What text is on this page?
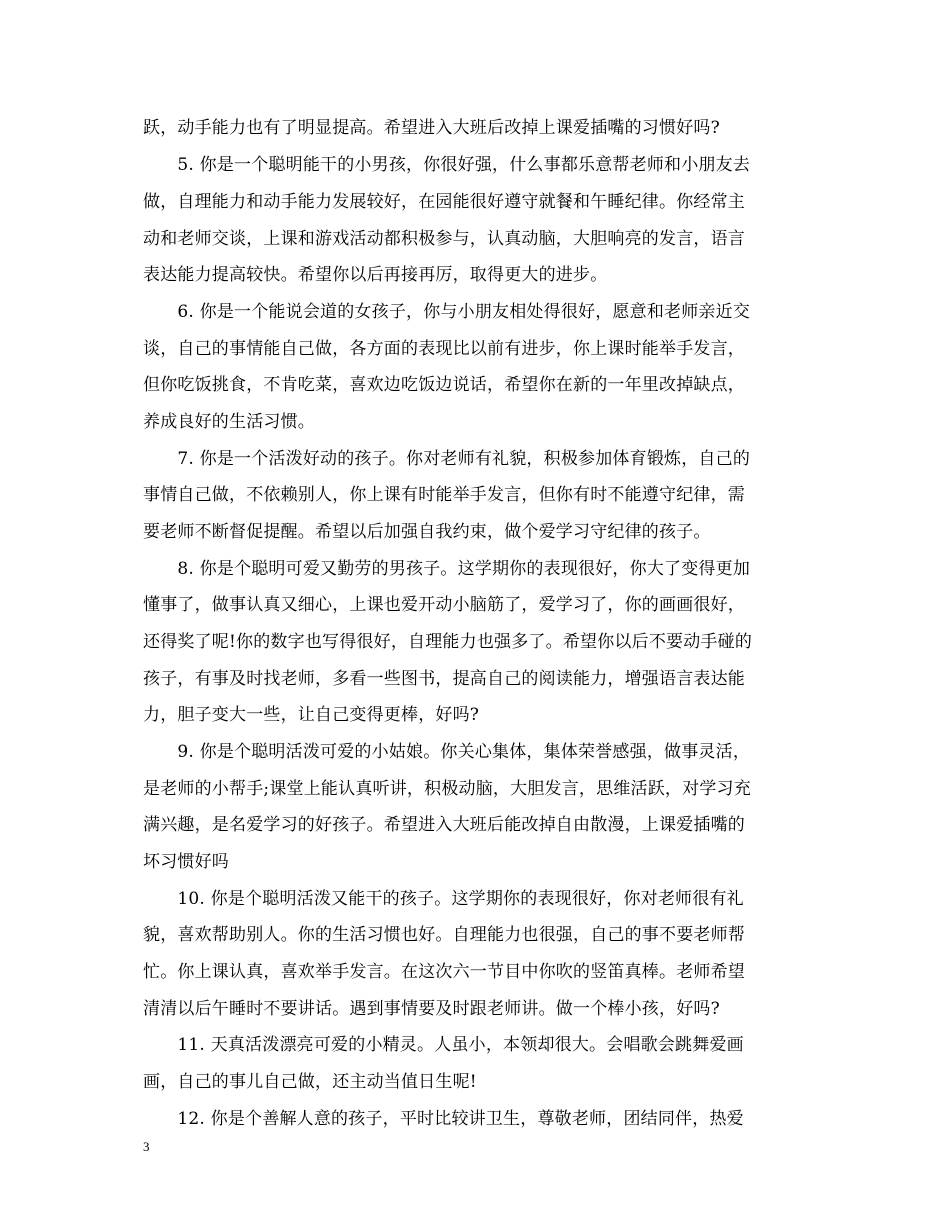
跃，动手能力也有了明显提高。希望进入大班后改掉上课爱插嘴的习惯好吗?
　　5. 你是一个聪明能干的小男孩，你很好强，什么事都乐意帮老师和小朋友去
做，自理能力和动手能力发展较好，在园能很好遵守就餐和午睡纪律。你经常主
动和老师交谈，上课和游戏活动都积极参与，认真动脑，大胆响亮的发言，语言
表达能力提高较快。希望你以后再接再厉，取得更大的进步。
　　6. 你是一个能说会道的女孩子，你与小朋友相处得很好，愿意和老师亲近交
谈，自己的事情能自己做，各方面的表现比以前有进步，你上课时能举手发言，
但你吃饭挑食，不肯吃菜，喜欢边吃饭边说话，希望你在新的一年里改掉缺点，
养成良好的生活习惯。
　　7. 你是一个活泼好动的孩子。你对老师有礼貌，积极参加体育锻炼，自己的
事情自己做，不依赖别人，你上课有时能举手发言，但你有时不能遵守纪律，需
要老师不断督促提醒。希望以后加强自我约束，做个爱学习守纪律的孩子。
　　8. 你是个聪明可爱又勤劳的男孩子。这学期你的表现很好，你大了变得更加
懂事了，做事认真又细心，上课也爱开动小脑筋了，爱学习了，你的画画很好，
还得奖了呢!你的数字也写得很好，自理能力也强多了。希望你以后不要动手碰的
孩子，有事及时找老师，多看一些图书，提高自己的阅读能力，增强语言表达能
力，胆子变大一些，让自己变得更棒，好吗?
　　9. 你是个聪明活泼可爱的小姑娘。你关心集体，集体荣誉感强，做事灵活，
是老师的小帮手;课堂上能认真听讲，积极动脑，大胆发言，思维活跃，对学习充
满兴趣，是名爱学习的好孩子。希望进入大班后能改掉自由散漫，上课爱插嘴的
坏习惯好吗
　　10. 你是个聪明活泼又能干的孩子。这学期你的表现很好，你对老师很有礼
貌，喜欢帮助别人。你的生活习惯也好。自理能力也很强，自己的事不要老师帮
忙。你上课认真，喜欢举手发言。在这次六一节目中你吹的竖笛真棒。老师希望
清清以后午睡时不要讲话。遇到事情要及时跟老师讲。做一个棒小孩，好吗?
　　11. 天真活泼漂亮可爱的小精灵。人虽小，本领却很大。会唱歌会跳舞爱画
画，自己的事儿自己做，还主动当值日生呢!
　　12. 你是个善解人意的孩子，平时比较讲卫生，尊敬老师，团结同伴，热爱
3
